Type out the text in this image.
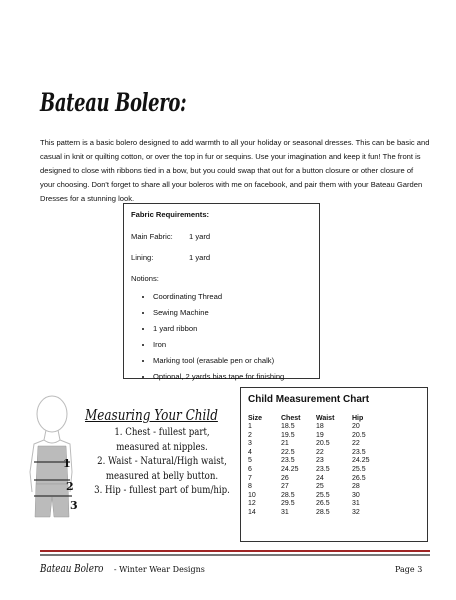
Bateau Bolero:
This pattern is a basic bolero designed to add warmth to all your holiday or seasonal dresses. This can be basic and casual in knit or quilting cotton, or over the top in fur or sequins. Use your imagination and keep it fun! The front is designed to close with ribbons tied in a bow, but you could swap that out for a button closure or other closure of your choosing. Don't forget to share all your boleros with me on facebook, and pair them with your Bateau Garden Dresses for a stunning look.
Fabric Requirements:
Main Fabric:	1 yard
Lining:	1 yard
Notions:
• Coordinating Thread
• Sewing Machine
• 1 yard ribbon
• Iron
• Marking tool (erasable pen or chalk)
• Optional, 2 yards bias tape for finishing
1
2
3
Measuring Your Child
1. Chest - fullest part,
measured at nipples.
2. Waist - Natural/High waist,
measured at belly button.
3. Hip - fullest part of bum/hip.
Child Measurement Chart
Size	Chest	Waist	Hip
1	18.5	18	20
2	19.5	19	20.5
3	21	20.5	22
4	22.5	22	23.5
5	23.5	23	24.25
6	24.25	23.5	25.5
7	26	24	26.5
8	27	25	28
10	28.5	25.5	30
12	29.5	26.5	31
14	31	28.5	32
Bateau Bolero - Winter Wear Designs	Page 3
